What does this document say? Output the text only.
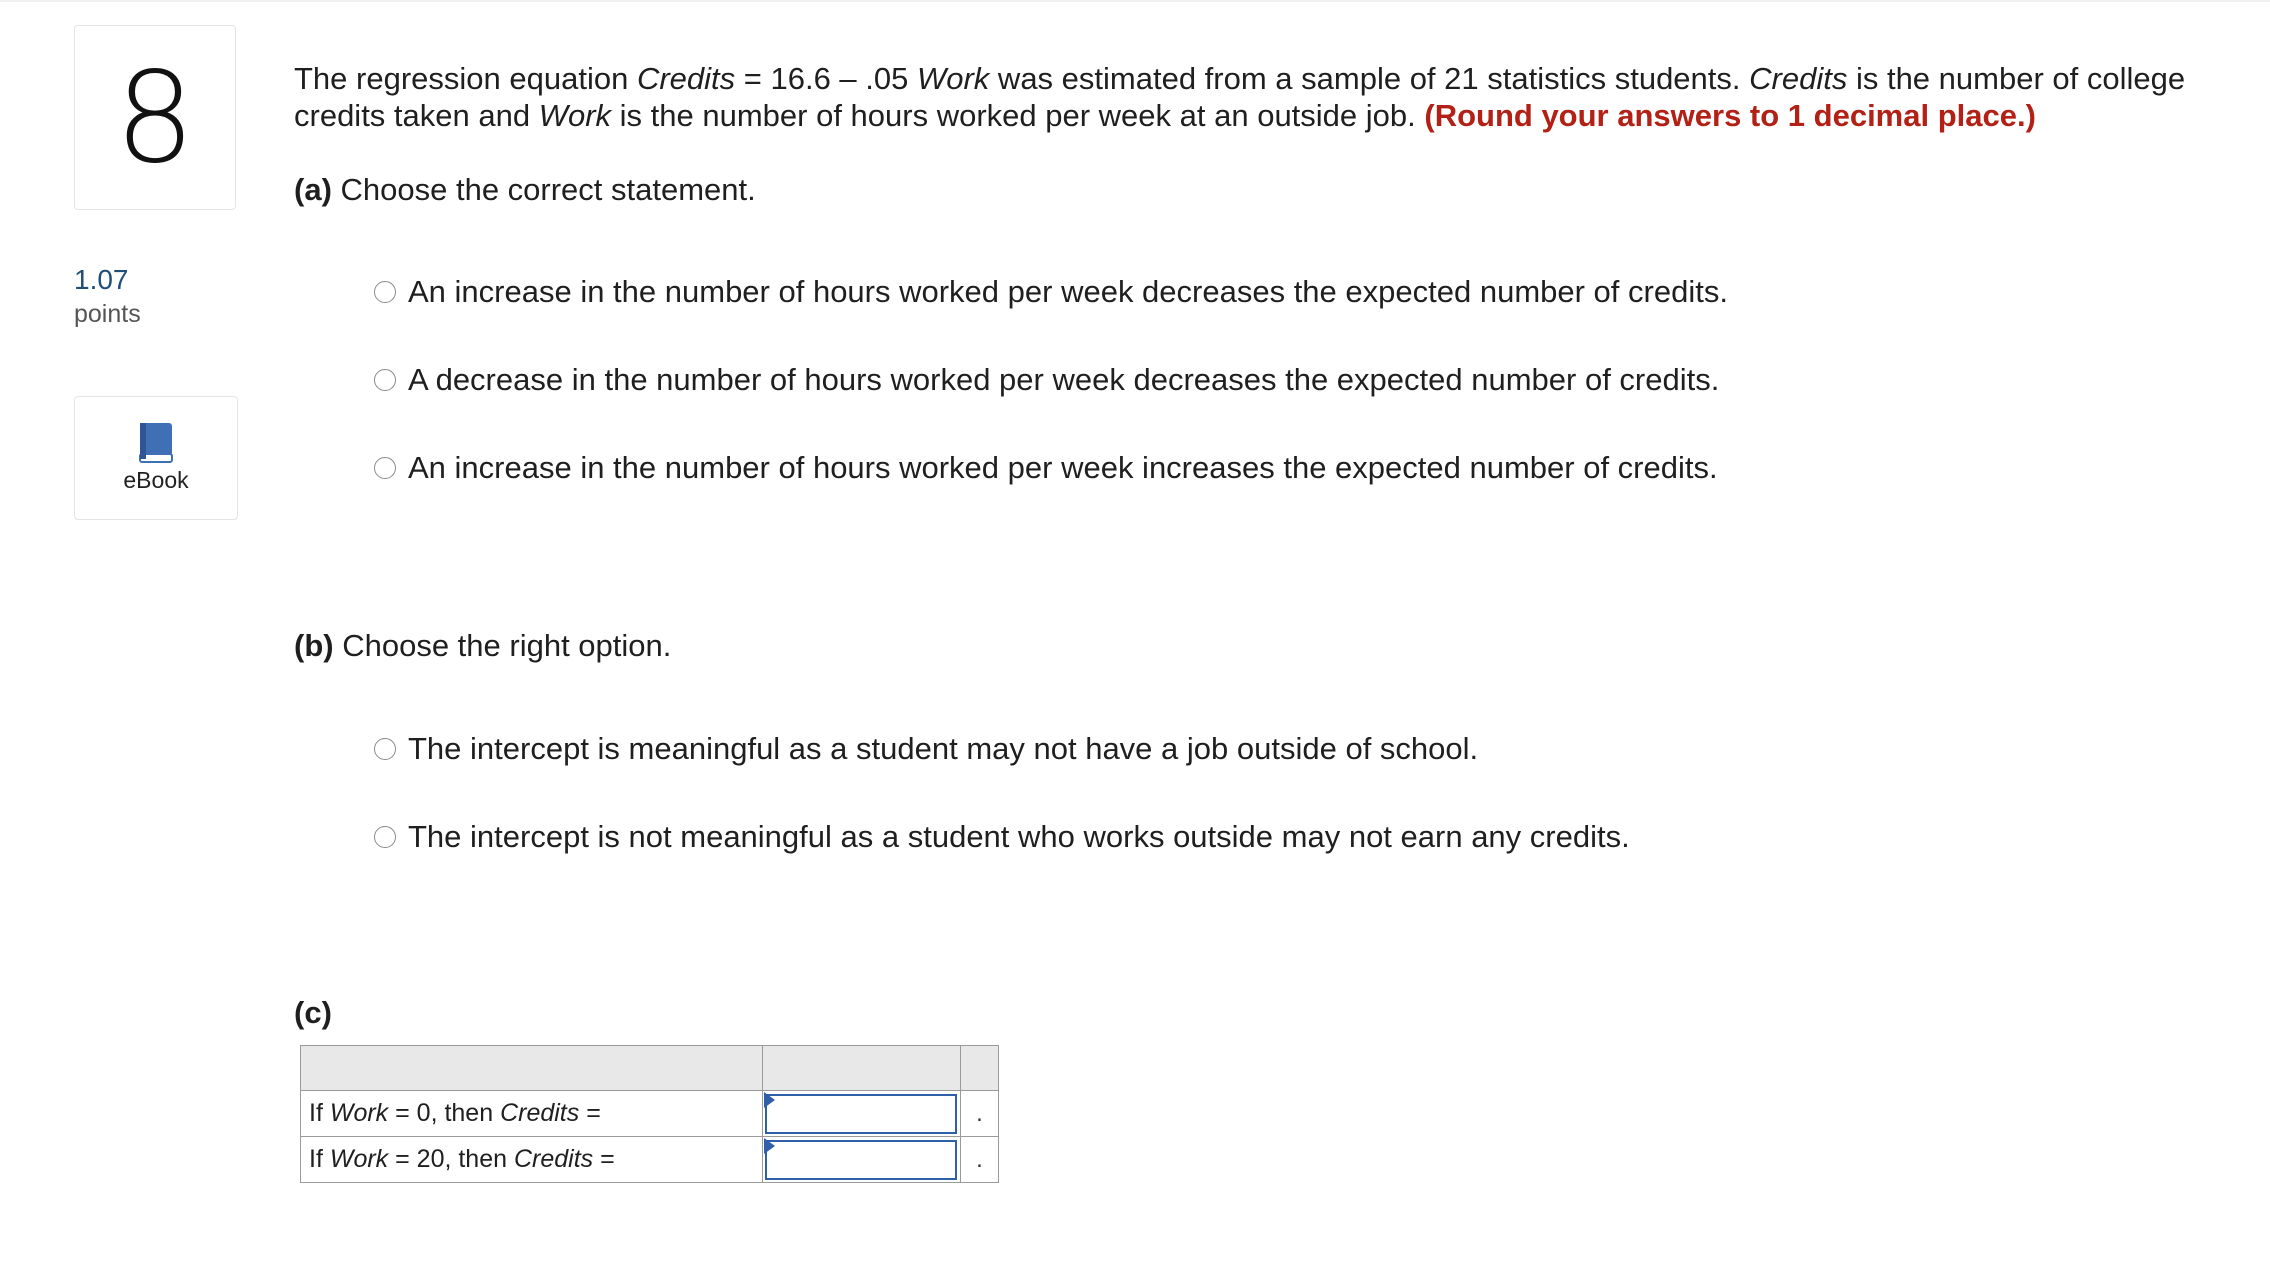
8
1.07
points
eBook
The regression equation Credits = 16.6 – .05 Work was estimated from a sample of 21 statistics students. Credits is the number of college credits taken and Work is the number of hours worked per week at an outside job. (Round your answers to 1 decimal place.)
(a) Choose the correct statement.
An increase in the number of hours worked per week decreases the expected number of credits.
A decrease in the number of hours worked per week decreases the expected number of credits.
An increase in the number of hours worked per week increases the expected number of credits.
(b) Choose the right option.
The intercept is meaningful as a student may not have a job outside of school.
The intercept is not meaningful as a student who works outside may not earn any credits.
(c)

If Work = 0, then Credits =		.
If Work = 20, then Credits =		.
